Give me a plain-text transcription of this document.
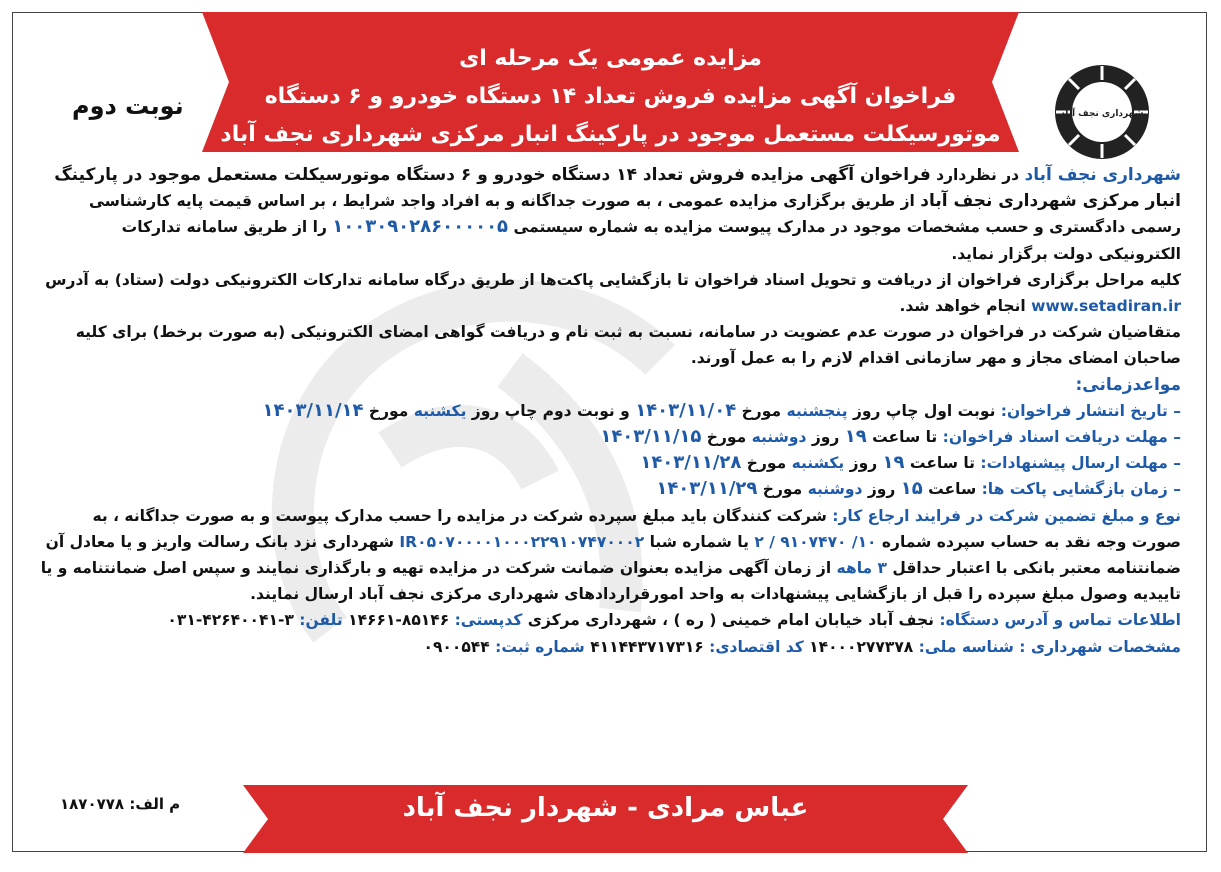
مزایده عمومی یک مرحله ای
فراخوان آگهی مزایده فروش تعداد ۱۴ دستگاه خودرو و ۶ دستگاه
موتورسیکلت مستعمل موجود در پارکینگ انبار مرکزی شهرداری نجف آباد
نوبت دوم	شهرداری نجف آباد

شهرداری نجف آباد در نظردارد فراخوان آگهی مزایده فروش تعداد ۱۴ دستگاه خودرو و ۶ دستگاه موتورسیکلت مستعمل موجود در پارکینگ انبار مرکزی شهرداری نجف آباد از طریق برگزاری مزایده عمومی ، به صورت جداگانه و به افراد واجد شرایط ، بر اساس قیمت پایه کارشناسی رسمی دادگستری و حسب مشخصات موجود در مدارک پیوست مزایده به شماره سیستمی ۱۰۰۳۰۹۰۲۸۶۰۰۰۰۰۵ را از طریق سامانه تدارکات الکترونیکی دولت برگزار نماید.

کلیه مراحل برگزاری فراخوان از دریافت و تحویل اسناد فراخوان تا بازگشایی پاکت‌ها از طریق درگاه سامانه تدارکات الکترونیکی دولت (ستاد) به آدرس www.setadiran.ir انجام خواهد شد.

متقاضیان شرکت در فراخوان در صورت عدم عضویت در سامانه، نسبت به ثبت نام و دریافت گواهی امضای الکترونیکی (به صورت برخط) برای کلیه صاحبان امضای مجاز و مهر سازمانی اقدام لازم را به عمل آورند.

مواعدزمانی:

– تاریخ انتشار فراخوان: نوبت اول چاپ روز پنجشنبه مورخ ۱۴۰۳/۱۱/۰۴ و نوبت دوم چاپ روز یکشنبه مورخ ۱۴۰۳/۱۱/۱۴

– مهلت دریافت اسناد فراخوان: تا ساعت ۱۹ روز دوشنبه مورخ ۱۴۰۳/۱۱/۱۵

– مهلت ارسال پیشنهادات: تا ساعت ۱۹ روز یکشنبه مورخ ۱۴۰۳/۱۱/۲۸

– زمان بازگشایی پاکت ها: ساعت ۱۵ روز دوشنبه مورخ ۱۴۰۳/۱۱/۲۹

نوع و مبلغ تضمین شرکت در فرایند ارجاع کار: شرکت کنندگان باید مبلغ سپرده شرکت در مزایده را حسب مدارک پیوست و به صورت جداگانه ، به صورت وجه نقد به حساب سپرده شماره ۱۰/ ۹۱۰۷۴۷۰ / ۲ یا شماره شبا IR۰۵۰۷۰۰۰۰۱۰۰۰۲۲۹۱۰۷۴۷۰۰۰۲ شهرداری نزد بانک رسالت واریز و یا معادل آن ضمانتنامه معتبر بانکی با اعتبار حداقل ۳ ماهه از زمان آگهی مزایده بعنوان ضمانت شرکت در مزایده تهیه و بارگذاری نمایند و سپس اصل ضمانتنامه و یا تاییدیه وصول مبلغ سپرده را قبل از بازگشایی پیشنهادات به واحد امورقراردادهای شهرداری مرکزی نجف آباد ارسال نمایند.

اطلاعات تماس و آدرس دستگاه: نجف آباد خیابان امام خمینی ( ره ) ، شهرداری مرکزی کدپستی: ۸۵۱۴۶-۱۴۶۶۱ تلفن: ۳-۴۲۶۴۰۰۴۱-۰۳۱

مشخصات شهرداری : شناسه ملی: ۱۴۰۰۰۲۷۷۳۷۸ کد اقتصادی: ۴۱۱۴۴۳۷۱۷۳۱۶ شماره ثبت: ۰۹۰۰۵۴۴

م الف: ۱۸۷۰۷۷۸	عباس مرادی - شهردار نجف آباد
